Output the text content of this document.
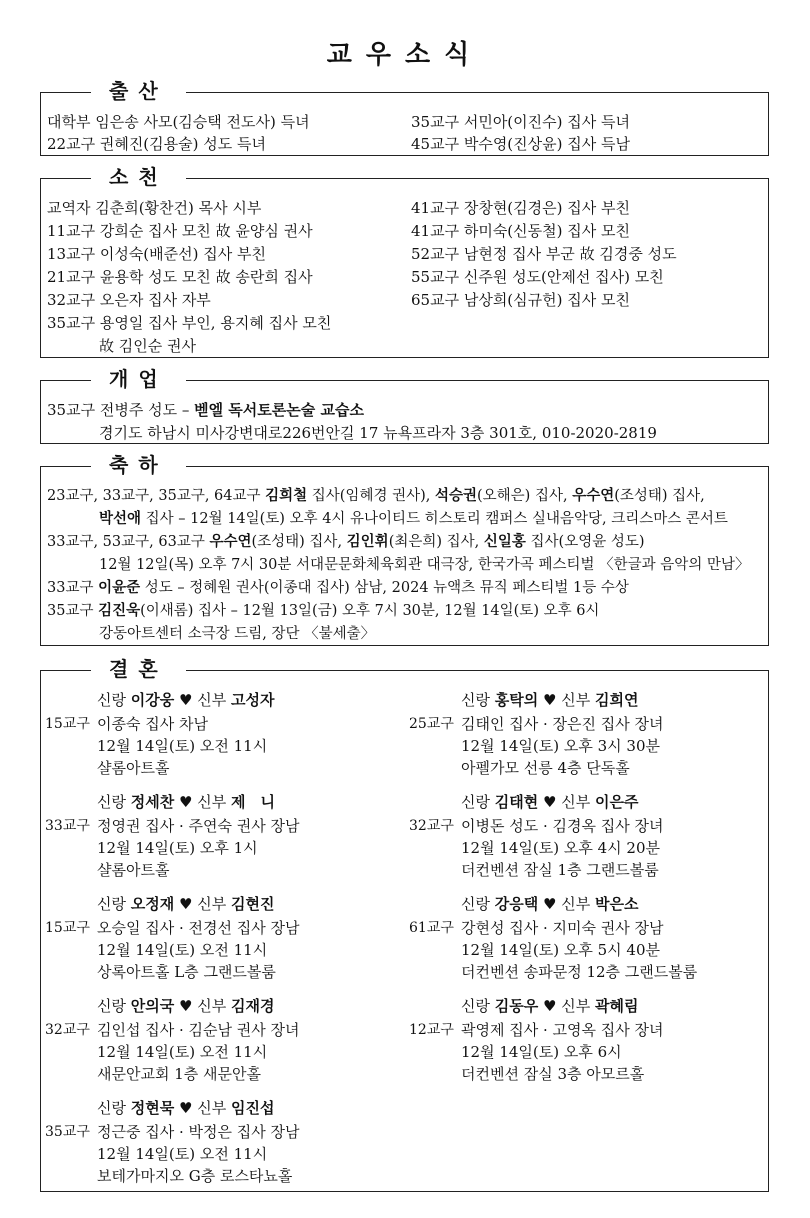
교우소식
출산
대학부 임은송 사모(김승택 전도사) 득녀
22교구 권혜진(김용술) 성도 득녀
35교구 서민아(이진수) 집사 득녀
45교구 박수영(진상윤) 집사 득남
소천
교역자 김춘희(황찬건) 목사 시부
11교구 강희순 집사 모친 故 윤양심 권사
13교구 이성숙(배준선) 집사 부친
21교구 윤용학 성도 모친 故 송란희 집사
32교구 오은자 집사 자부
35교구 용영일 집사 부인, 용지혜 집사 모친
故 김인순 권사
41교구 장창현(김경은) 집사 부친
41교구 하미숙(신동철) 집사 모친
52교구 남현정 집사 부군 故 김경중 성도
55교구 신주원 성도(안제선 집사) 모친
65교구 남상희(심규헌) 집사 모친
개업
35교구 전병주 성도 – 벧엘 독서토론논술 교습소
경기도 하남시 미사강변대로226번안길 17 뉴욕프라자 3층 301호, 010-2020-2819
축하
23교구, 33교구, 35교구, 64교구 김희철 집사(임혜경 권사), 석승권(오해은) 집사, 우수연(조성태) 집사,
박선애 집사 – 12월 14일(토) 오후 4시 유나이티드 히스토리 캠퍼스 실내음악당, 크리스마스 콘서트
33교구, 53교구, 63교구 우수연(조성태) 집사, 김인휘(최은희) 집사, 신일홍 집사(오영윤 성도)
12월 12일(목) 오후 7시 30분 서대문문화체육회관 대극장, 한국가곡 페스티벌 〈한글과 음악의 만남〉
33교구 이윤준 성도 – 정혜원 권사(이종대 집사) 삼남, 2024 뉴액츠 뮤직 페스티벌 1등 수상
35교구 김진욱(이새롬) 집사 – 12월 13일(금) 오후 7시 30분, 12월 14일(토) 오후 6시
강동아트센터 소극장 드림, 장단 〈불세출〉
결혼
신랑 이강웅 ♥ 신부 고성자
15교구 이종숙 집사 차남
12월 14일(토) 오전 11시
샬롬아트홀
신랑 정세찬 ♥ 신부 제　니
33교구 정영권 집사 · 주연숙 권사 장남
12월 14일(토) 오후 1시
샬롬아트홀
신랑 오정재 ♥ 신부 김현진
15교구 오승일 집사 · 전경선 집사 장남
12월 14일(토) 오전 11시
상록아트홀 L층 그랜드볼룸
신랑 안의국 ♥ 신부 김재경
32교구 김인섭 집사 · 김순남 권사 장녀
12월 14일(토) 오전 11시
새문안교회 1층 새문안홀
신랑 정현묵 ♥ 신부 임진섭
35교구 정근중 집사 · 박정은 집사 장남
12월 14일(토) 오전 11시
보테가마지오 G층 로스타뇨홀
신랑 홍탁의 ♥ 신부 김희연
25교구 김태인 집사 · 장은진 집사 장녀
12월 14일(토) 오후 3시 30분
아펠가모 선릉 4층 단독홀
신랑 김태현 ♥ 신부 이은주
32교구 이병돈 성도 · 김경옥 집사 장녀
12월 14일(토) 오후 4시 20분
더컨벤션 잠실 1층 그랜드볼룸
신랑 강응택 ♥ 신부 박은소
61교구 강현성 집사 · 지미숙 권사 장남
12월 14일(토) 오후 5시 40분
더컨벤션 송파문정 12층 그랜드볼룸
신랑 김동우 ♥ 신부 곽혜림
12교구 곽영제 집사 · 고영옥 집사 장녀
12월 14일(토) 오후 6시
더컨벤션 잠실 3층 아모르홀
